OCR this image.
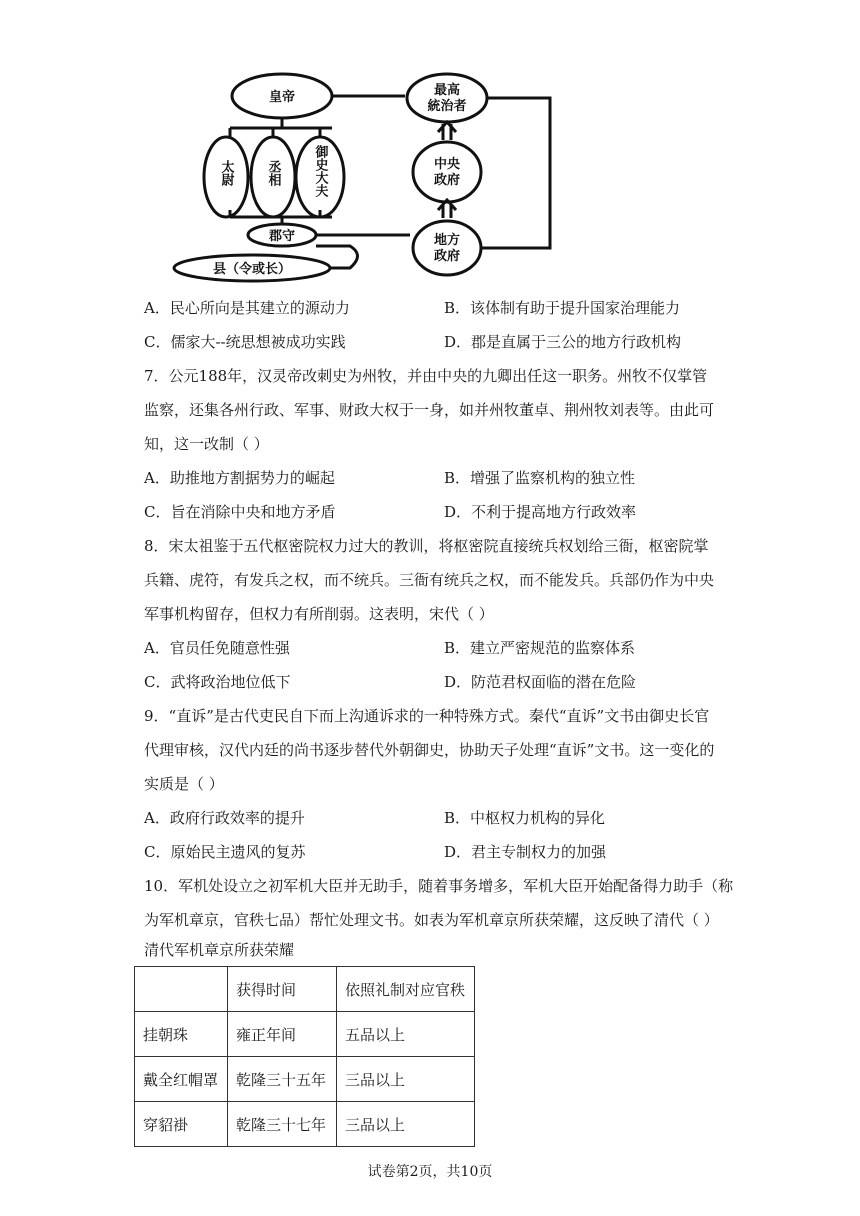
皇帝	最高
統治者
中央
政府
地方
政府
郡守
县（令或长）
太尉 丞相 御史大夫
A．民心所向是其建立的源动力	B．该体制有助于提升国家治理能力
C．儒家大--统思想被成功实践	D．郡是直属于三公的地方行政机构
7．公元188年，汉灵帝改刺史为州牧，并由中央的九卿出任这一职务。州牧不仅掌管
监察，还集各州行政、军事、财政大权于一身，如并州牧董卓、荆州牧刘表等。由此可
知，这一改制（ ）
A．助推地方割据势力的崛起	B．增强了监察机构的独立性
C．旨在消除中央和地方矛盾	D．不利于提高地方行政效率
8．宋太祖鉴于五代枢密院权力过大的教训，将枢密院直接统兵权划给三衙，枢密院掌
兵籍、虎符，有发兵之权，而不统兵。三衙有统兵之权，而不能发兵。兵部仍作为中央
军事机构留存，但权力有所削弱。这表明，宋代（ ）
A．官员任免随意性强	B．建立严密规范的监察体系
C．武将政治地位低下	D．防范君权面临的潜在危险
9．“直诉”是古代吏民自下而上沟通诉求的一种特殊方式。秦代“直诉”文书由御史长官
代理审核，汉代内廷的尚书逐步替代外朝御史，协助天子处理“直诉”文书。这一变化的
实质是（ ）
A．政府行政效率的提升	B．中枢权力机构的异化
C．原始民主遗风的复苏	D．君主专制权力的加强
10．军机处设立之初军机大臣并无助手，随着事务增多，军机大臣开始配备得力助手（称
为军机章京，官秩七品）帮忙处理文书。如表为军机章京所获荣耀，这反映了清代（ ）
清代军机章京所获荣耀
	获得时间	依照礼制对应官秩
挂朝珠	雍正年间	五品以上
戴全红帽罩	乾隆三十五年	三品以上
穿貂褂	乾隆三十七年	三品以上
试卷第2页，共10页
